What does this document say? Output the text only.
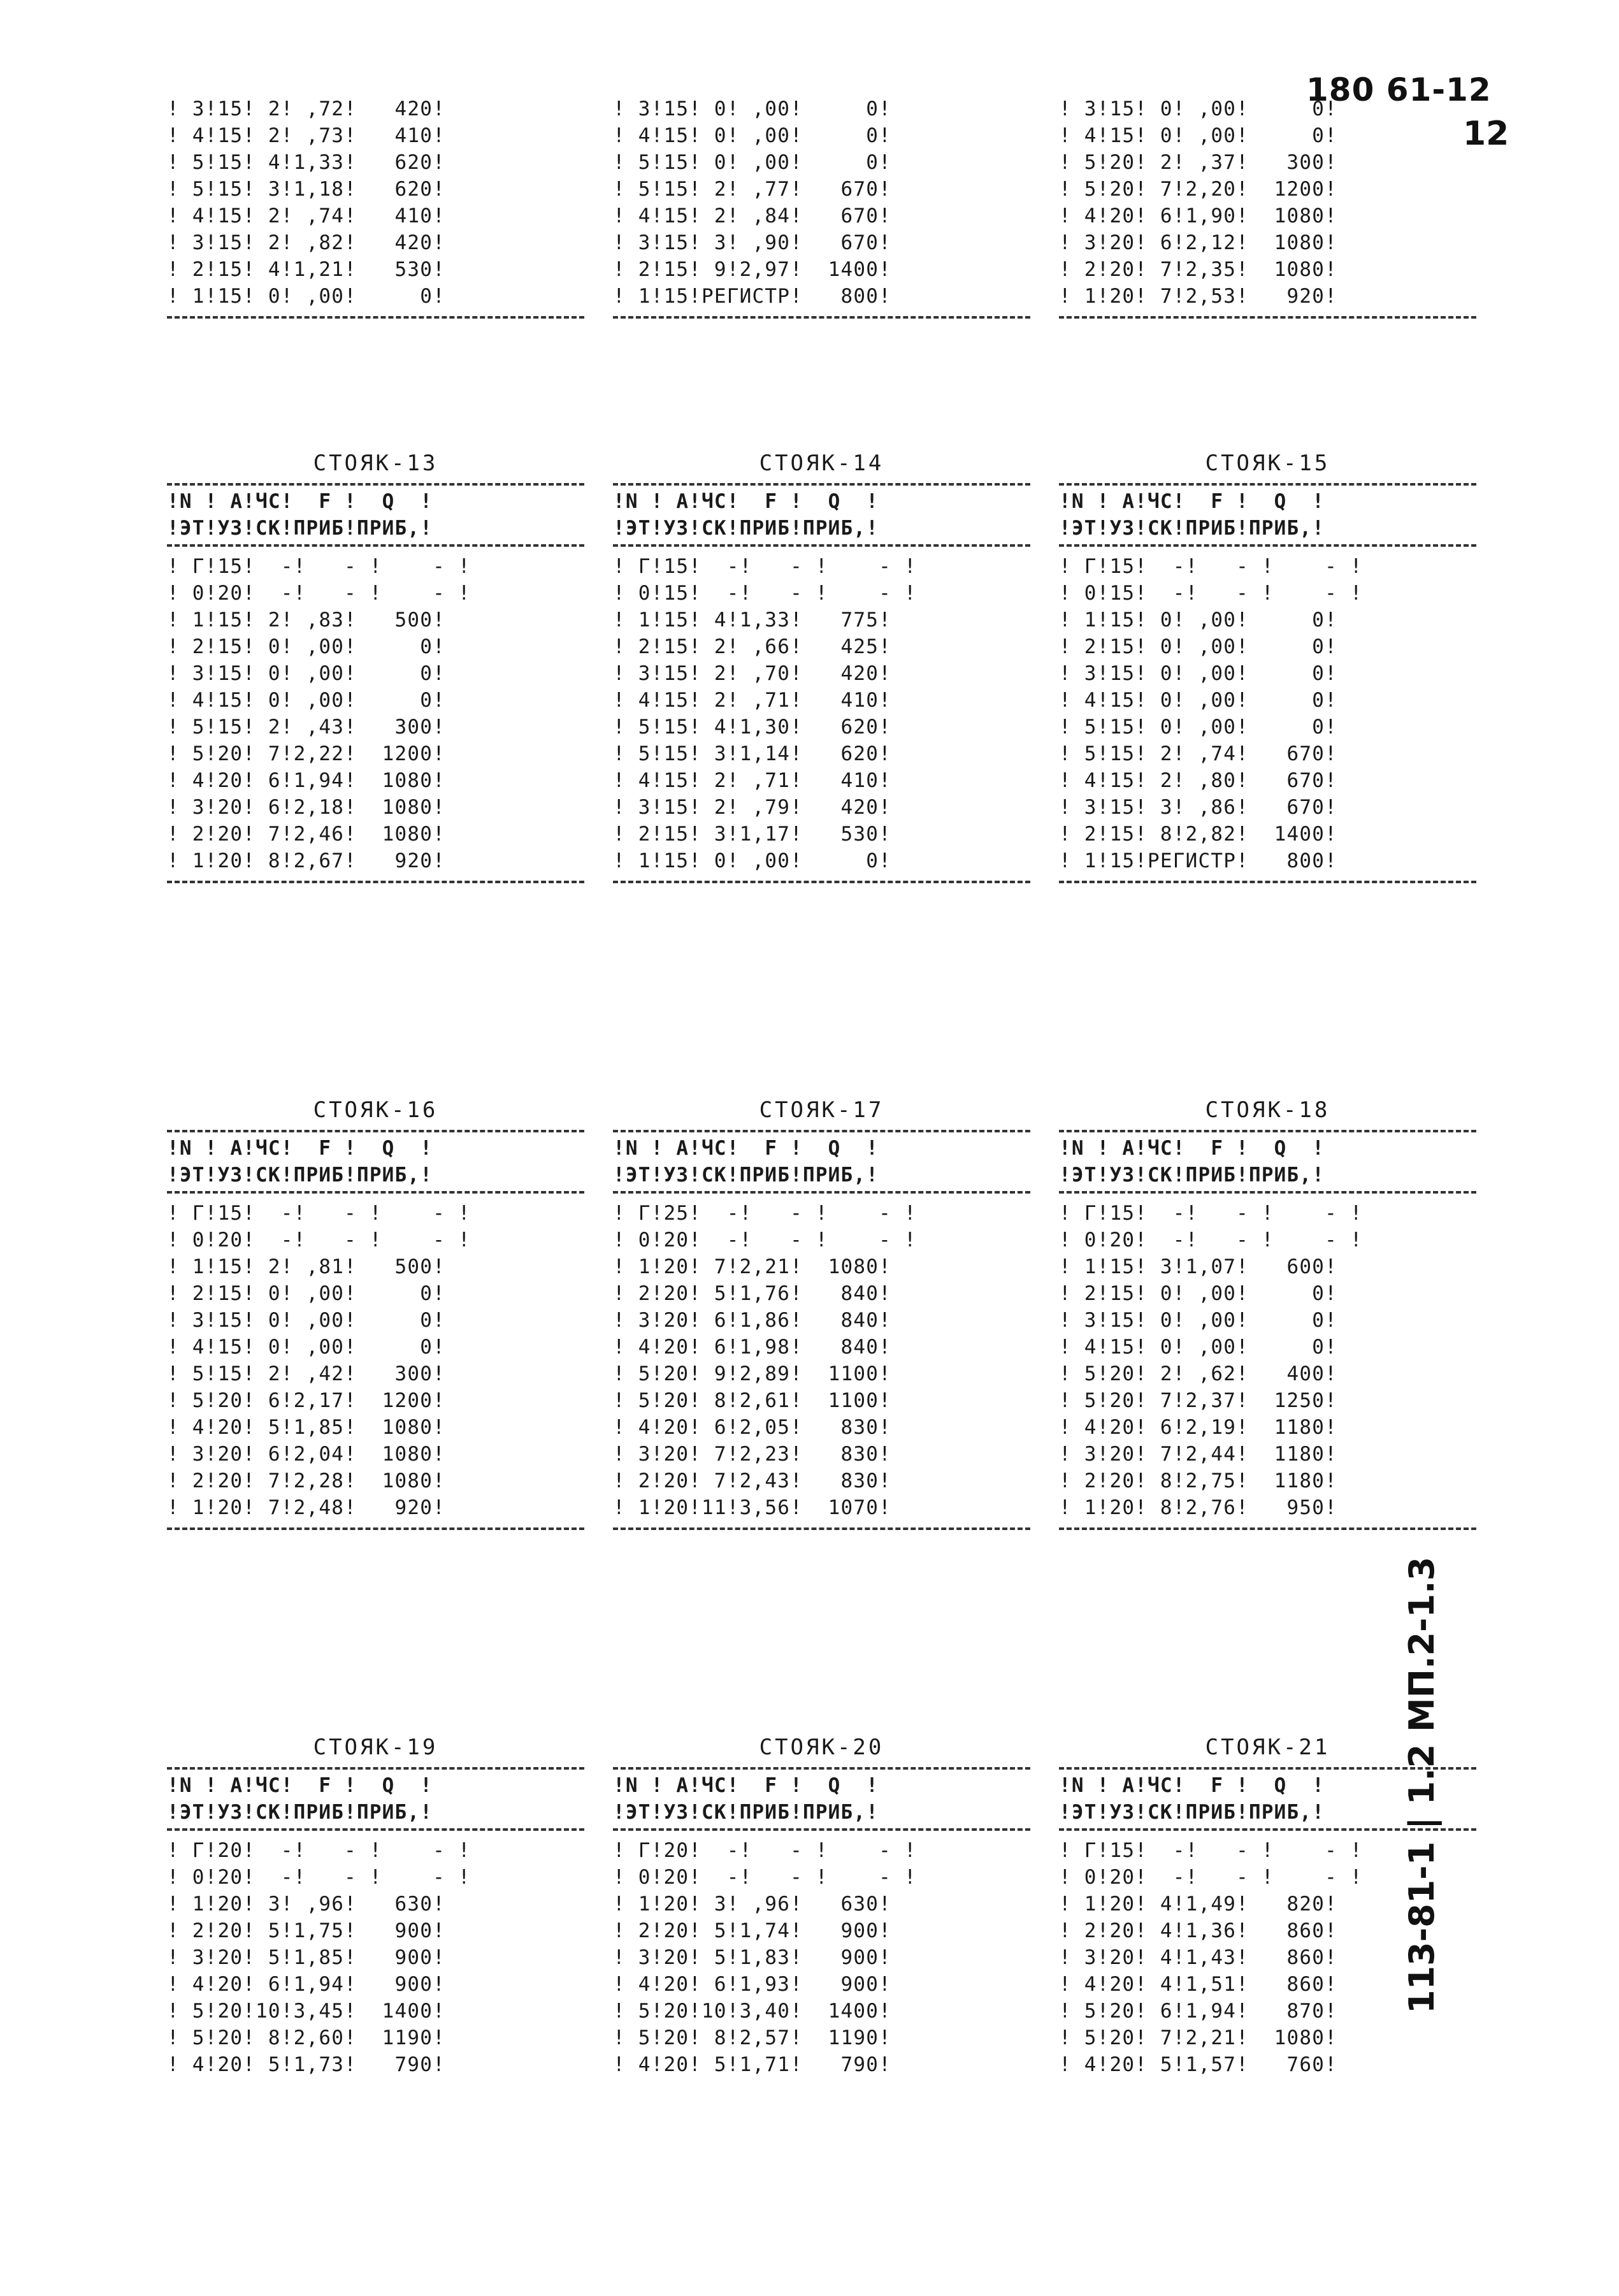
180 61-12
12
113-81-1 | 1.2 МП.2-1.3
! 3!15! 2! ,72!   420!
! 4!15! 2! ,73!   410!
! 5!15! 4!1,33!   620!
! 5!15! 3!1,18!   620!
! 4!15! 2! ,74!   410!
! 3!15! 2! ,82!   420!
! 2!15! 4!1,21!   530!
! 1!15! 0! ,00!     0!
! 3!15! 0! ,00!     0!
! 4!15! 0! ,00!     0!
! 5!15! 0! ,00!     0!
! 5!15! 2! ,77!   670!
! 4!15! 2! ,84!   670!
! 3!15! 3! ,90!   670!
! 2!15! 9!2,97!  1400!
! 1!15!РЕГИСТР!   800!
! 3!15! 0! ,00!     0!
! 4!15! 0! ,00!     0!
! 5!20! 2! ,37!   300!
! 5!20! 7!2,20!  1200!
! 4!20! 6!1,90!  1080!
! 3!20! 6!2,12!  1080!
! 2!20! 7!2,35!  1080!
! 1!20! 7!2,53!   920!
СТОЯК-13
!N ! А!ЧС!  F !  Q  !
!ЭТ!УЗ!СК!ПРИБ!ПРИБ,!
! Г!15!  -!   - !    - !
! 0!20!  -!   - !    - !
! 1!15! 2! ,83!   500!
! 2!15! 0! ,00!     0!
! 3!15! 0! ,00!     0!
! 4!15! 0! ,00!     0!
! 5!15! 2! ,43!   300!
! 5!20! 7!2,22!  1200!
! 4!20! 6!1,94!  1080!
! 3!20! 6!2,18!  1080!
! 2!20! 7!2,46!  1080!
! 1!20! 8!2,67!   920!
СТОЯК-14
!N ! А!ЧС!  F !  Q  !
!ЭТ!УЗ!СК!ПРИБ!ПРИБ,!
! Г!15!  -!   - !    - !
! 0!15!  -!   - !    - !
! 1!15! 4!1,33!   775!
! 2!15! 2! ,66!   425!
! 3!15! 2! ,70!   420!
! 4!15! 2! ,71!   410!
! 5!15! 4!1,30!   620!
! 5!15! 3!1,14!   620!
! 4!15! 2! ,71!   410!
! 3!15! 2! ,79!   420!
! 2!15! 3!1,17!   530!
! 1!15! 0! ,00!     0!
СТОЯК-15
!N ! А!ЧС!  F !  Q  !
!ЭТ!УЗ!СК!ПРИБ!ПРИБ,!
! Г!15!  -!   - !    - !
! 0!15!  -!   - !    - !
! 1!15! 0! ,00!     0!
! 2!15! 0! ,00!     0!
! 3!15! 0! ,00!     0!
! 4!15! 0! ,00!     0!
! 5!15! 0! ,00!     0!
! 5!15! 2! ,74!   670!
! 4!15! 2! ,80!   670!
! 3!15! 3! ,86!   670!
! 2!15! 8!2,82!  1400!
! 1!15!РЕГИСТР!   800!
СТОЯК-16
!N ! А!ЧС!  F !  Q  !
!ЭТ!УЗ!СК!ПРИБ!ПРИБ,!
! Г!15!  -!   - !    - !
! 0!20!  -!   - !    - !
! 1!15! 2! ,81!   500!
! 2!15! 0! ,00!     0!
! 3!15! 0! ,00!     0!
! 4!15! 0! ,00!     0!
! 5!15! 2! ,42!   300!
! 5!20! 6!2,17!  1200!
! 4!20! 5!1,85!  1080!
! 3!20! 6!2,04!  1080!
! 2!20! 7!2,28!  1080!
! 1!20! 7!2,48!   920!
СТОЯК-17
!N ! А!ЧС!  F !  Q  !
!ЭТ!УЗ!СК!ПРИБ!ПРИБ,!
! Г!25!  -!   - !    - !
! 0!20!  -!   - !    - !
! 1!20! 7!2,21!  1080!
! 2!20! 5!1,76!   840!
! 3!20! 6!1,86!   840!
! 4!20! 6!1,98!   840!
! 5!20! 9!2,89!  1100!
! 5!20! 8!2,61!  1100!
! 4!20! 6!2,05!   830!
! 3!20! 7!2,23!   830!
! 2!20! 7!2,43!   830!
! 1!20!11!3,56!  1070!
СТОЯК-18
!N ! А!ЧС!  F !  Q  !
!ЭТ!УЗ!СК!ПРИБ!ПРИБ,!
! Г!15!  -!   - !    - !
! 0!20!  -!   - !    - !
! 1!15! 3!1,07!   600!
! 2!15! 0! ,00!     0!
! 3!15! 0! ,00!     0!
! 4!15! 0! ,00!     0!
! 5!20! 2! ,62!   400!
! 5!20! 7!2,37!  1250!
! 4!20! 6!2,19!  1180!
! 3!20! 7!2,44!  1180!
! 2!20! 8!2,75!  1180!
! 1!20! 8!2,76!   950!
СТОЯК-19
!N ! А!ЧС!  F !  Q  !
!ЭТ!УЗ!СК!ПРИБ!ПРИБ,!
! Г!20!  -!   - !    - !
! 0!20!  -!   - !    - !
! 1!20! 3! ,96!   630!
! 2!20! 5!1,75!   900!
! 3!20! 5!1,85!   900!
! 4!20! 6!1,94!   900!
! 5!20!10!3,45!  1400!
! 5!20! 8!2,60!  1190!
! 4!20! 5!1,73!   790!
СТОЯК-20
!N ! А!ЧС!  F !  Q  !
!ЭТ!УЗ!СК!ПРИБ!ПРИБ,!
! Г!20!  -!   - !    - !
! 0!20!  -!   - !    - !
! 1!20! 3! ,96!   630!
! 2!20! 5!1,74!   900!
! 3!20! 5!1,83!   900!
! 4!20! 6!1,93!   900!
! 5!20!10!3,40!  1400!
! 5!20! 8!2,57!  1190!
! 4!20! 5!1,71!   790!
СТОЯК-21
!N ! А!ЧС!  F !  Q  !
!ЭТ!УЗ!СК!ПРИБ!ПРИБ,!
! Г!15!  -!   - !    - !
! 0!20!  -!   - !    - !
! 1!20! 4!1,49!   820!
! 2!20! 4!1,36!   860!
! 3!20! 4!1,43!   860!
! 4!20! 4!1,51!   860!
! 5!20! 6!1,94!   870!
! 5!20! 7!2,21!  1080!
! 4!20! 5!1,57!   760!
